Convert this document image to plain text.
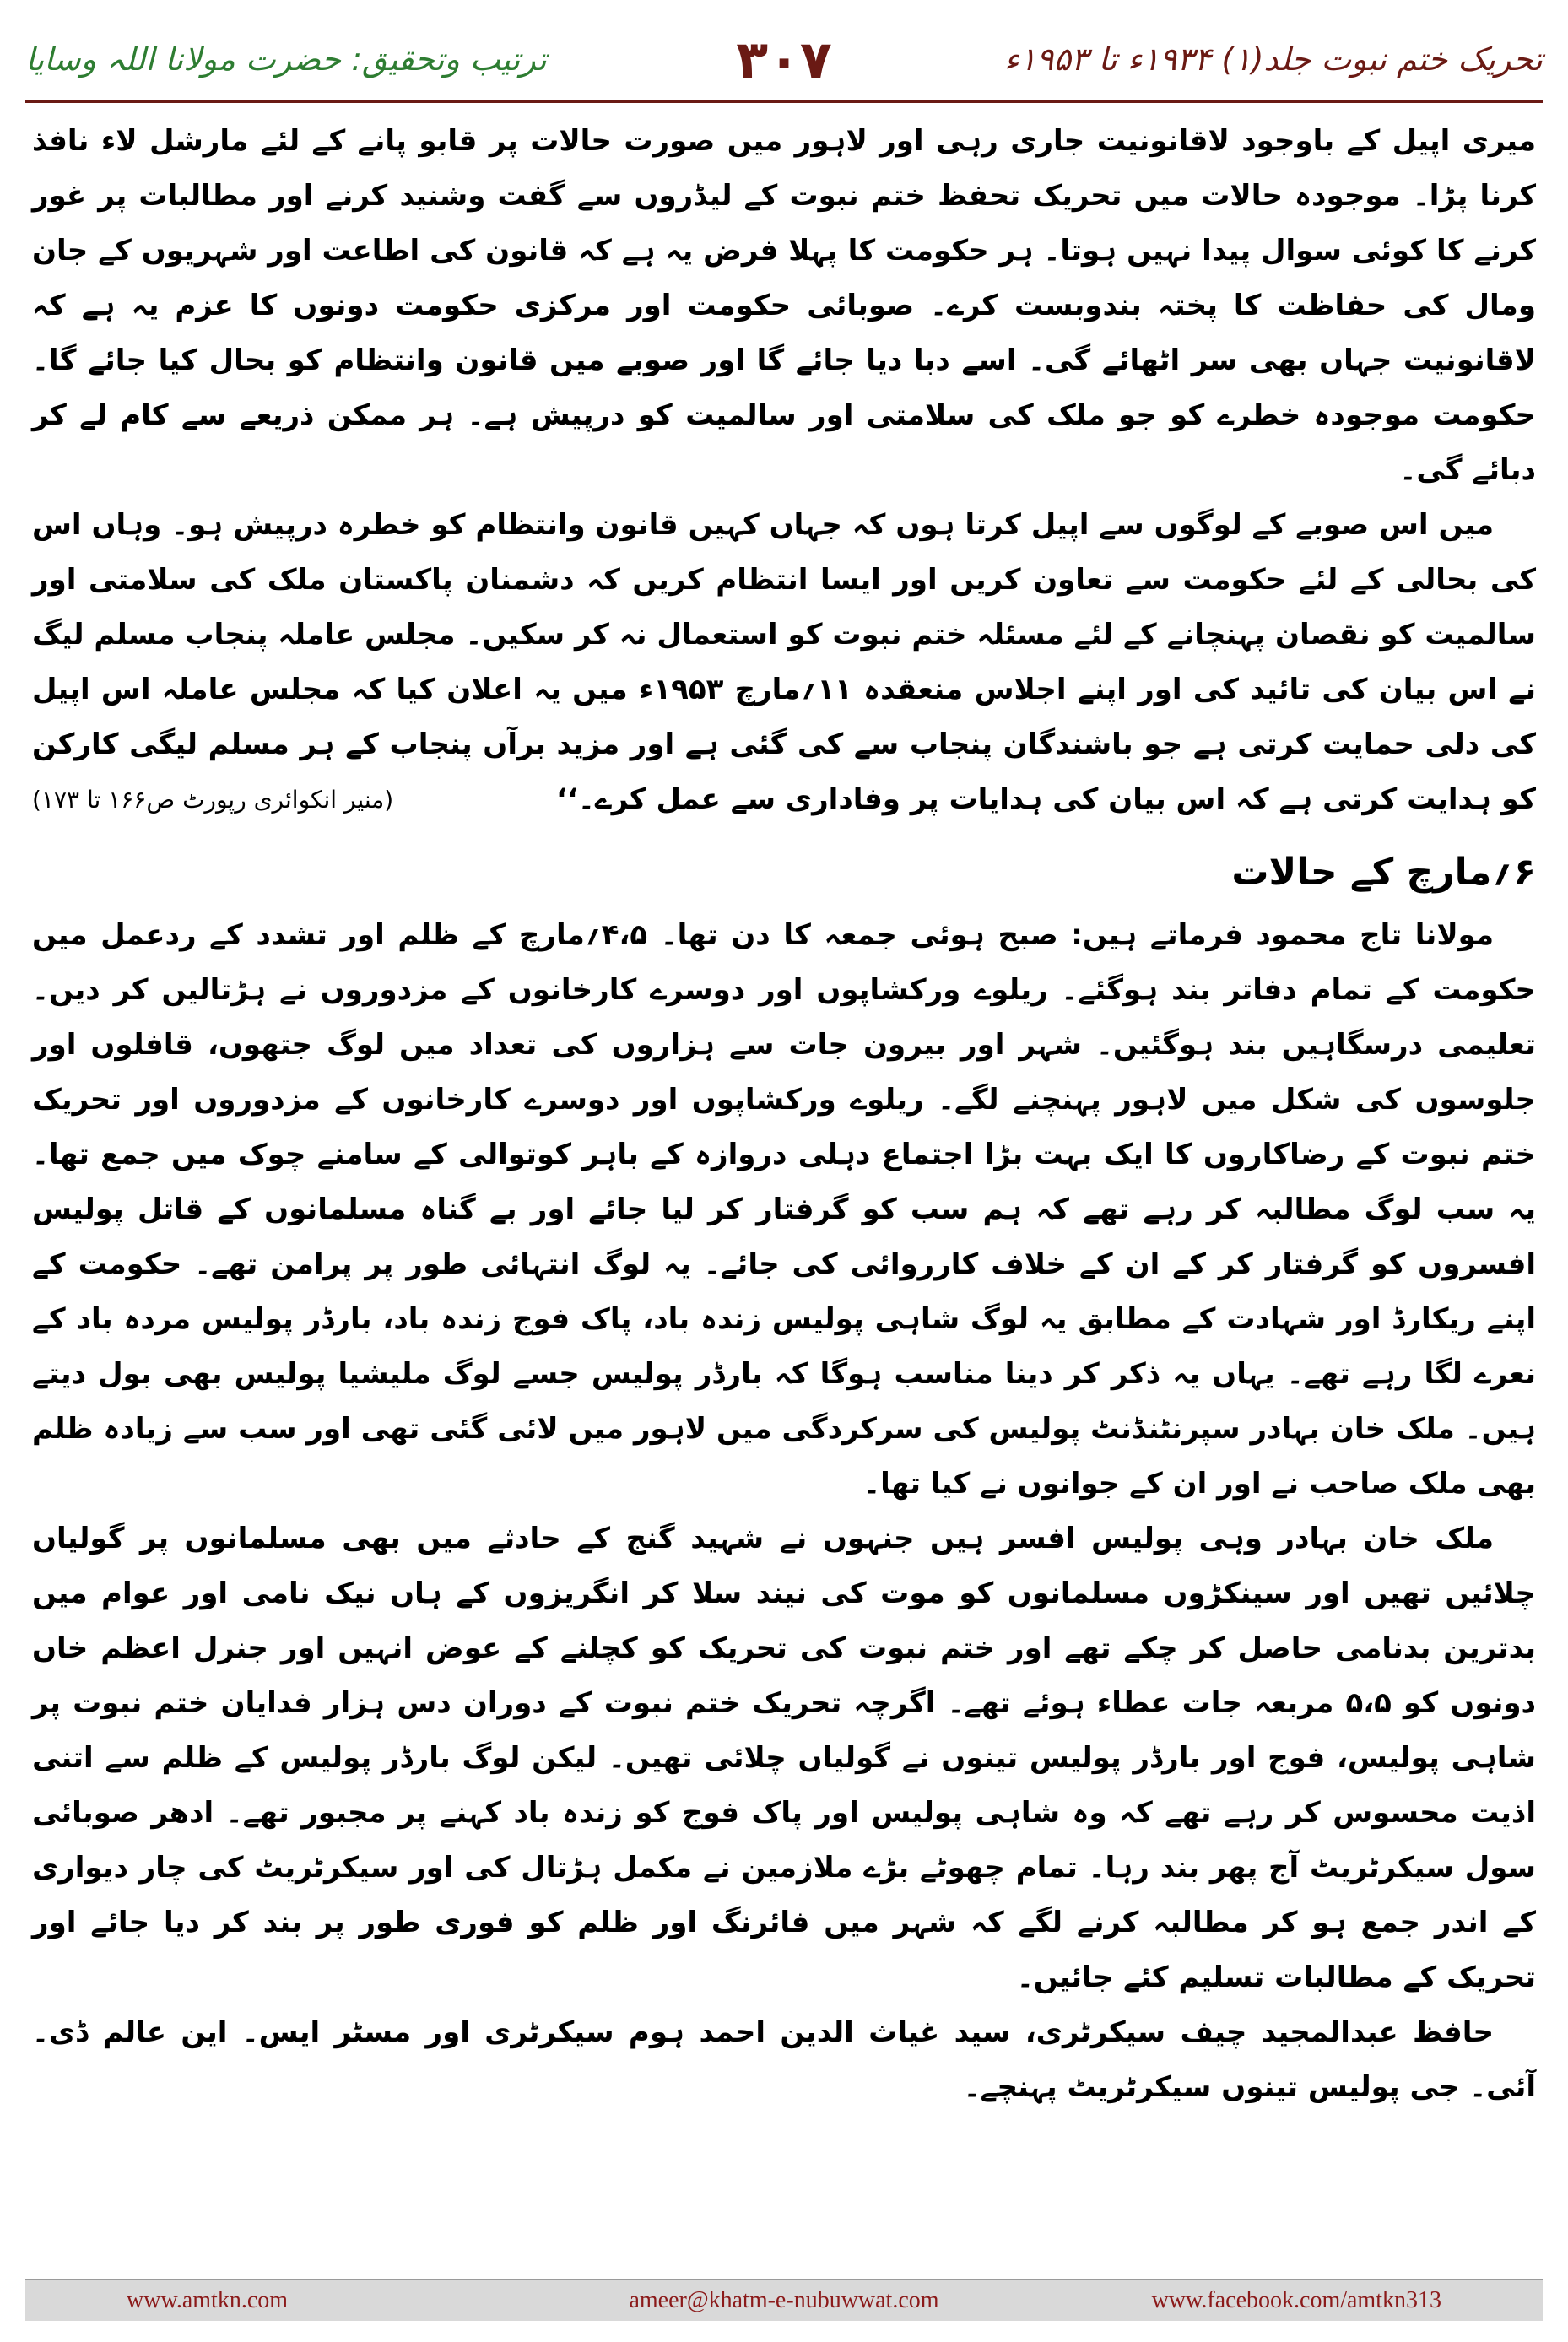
ترتیب وتحقیق: حضرت مولانا اللہ وسایا	۳۰۷	تحریک ختم نبوت جلد(۱) ۱۹۳۴ء تا ۱۹۵۳ء

میری اپیل کے باوجود لاقانونیت جاری رہی اور لاہور میں صورت حالات پر قابو پانے کے لئے مارشل لاء نافذ کرنا پڑا۔ موجودہ حالات میں تحریک تحفظ ختم نبوت کے لیڈروں سے گفت وشنید کرنے اور مطالبات پر غور کرنے کا کوئی سوال پیدا نہیں ہوتا۔ ہر حکومت کا پہلا فرض یہ ہے کہ قانون کی اطاعت اور شہریوں کے جان ومال کی حفاظت کا پختہ بندوبست کرے۔ صوبائی حکومت اور مرکزی حکومت دونوں کا عزم یہ ہے کہ لاقانونیت جہاں بھی سر اٹھائے گی۔ اسے دبا دیا جائے گا اور صوبے میں قانون وانتظام کو بحال کیا جائے گا۔ حکومت موجودہ خطرے کو جو ملک کی سلامتی اور سالمیت کو درپیش ہے۔ ہر ممکن ذریعے سے کام لے کر دبائے گی۔

میں اس صوبے کے لوگوں سے اپیل کرتا ہوں کہ جہاں کہیں قانون وانتظام کو خطرہ درپیش ہو۔ وہاں اس کی بحالی کے لئے حکومت سے تعاون کریں اور ایسا انتظام کریں کہ دشمنان پاکستان ملک کی سلامتی اور سالمیت کو نقصان پہنچانے کے لئے مسئلہ ختم نبوت کو استعمال نہ کر سکیں۔ مجلس عاملہ پنجاب مسلم لیگ نے اس بیان کی تائید کی اور اپنے اجلاس منعقدہ ۱۱؍مارچ ۱۹۵۳ء میں یہ اعلان کیا کہ مجلس عاملہ اس اپیل کی دلی حمایت کرتی ہے جو باشندگان پنجاب سے کی گئی ہے اور مزید برآں پنجاب کے ہر مسلم لیگی کارکن کو ہدایت کرتی ہے کہ اس بیان کی ہدایات پر وفاداری سے عمل کرے۔‘‘
(منیر انکوائری رپورٹ ص۱۶۶ تا ۱۷۳)

۶؍مارچ کے حالات

مولانا تاج محمود فرماتے ہیں: صبح ہوئی جمعہ کا دن تھا۔ ۴،۵؍مارچ کے ظلم اور تشدد کے ردعمل میں حکومت کے تمام دفاتر بند ہوگئے۔ ریلوے ورکشاپوں اور دوسرے کارخانوں کے مزدوروں نے ہڑتالیں کر دیں۔ تعلیمی درسگاہیں بند ہوگئیں۔ شہر اور بیرون جات سے ہزاروں کی تعداد میں لوگ جتھوں، قافلوں اور جلوسوں کی شکل میں لاہور پہنچنے لگے۔ ریلوے ورکشاپوں اور دوسرے کارخانوں کے مزدوروں اور تحریک ختم نبوت کے رضاکاروں کا ایک بہت بڑا اجتماع دہلی دروازہ کے باہر کوتوالی کے سامنے چوک میں جمع تھا۔ یہ سب لوگ مطالبہ کر رہے تھے کہ ہم سب کو گرفتار کر لیا جائے اور بے گناہ مسلمانوں کے قاتل پولیس افسروں کو گرفتار کر کے ان کے خلاف کارروائی کی جائے۔ یہ لوگ انتہائی طور پر پرامن تھے۔ حکومت کے اپنے ریکارڈ اور شہادت کے مطابق یہ لوگ شاہی پولیس زندہ باد، پاک فوج زندہ باد، بارڈر پولیس مردہ باد کے نعرے لگا رہے تھے۔ یہاں یہ ذکر کر دینا مناسب ہوگا کہ بارڈر پولیس جسے لوگ ملیشیا پولیس بھی بول دیتے ہیں۔ ملک خان بہادر سپرنٹنڈنٹ پولیس کی سرکردگی میں لاہور میں لائی گئی تھی اور سب سے زیادہ ظلم بھی ملک صاحب نے اور ان کے جوانوں نے کیا تھا۔

ملک خان بہادر وہی پولیس افسر ہیں جنہوں نے شہید گنج کے حادثے میں بھی مسلمانوں پر گولیاں چلائیں تھیں اور سینکڑوں مسلمانوں کو موت کی نیند سلا کر انگریزوں کے ہاں نیک نامی اور عوام میں بدترین بدنامی حاصل کر چکے تھے اور ختم نبوت کی تحریک کو کچلنے کے عوض انہیں اور جنرل اعظم خاں دونوں کو ۵،۵ مربعہ جات عطاء ہوئے تھے۔ اگرچہ تحریک ختم نبوت کے دوران دس ہزار فدایان ختم نبوت پر شاہی پولیس، فوج اور بارڈر پولیس تینوں نے گولیاں چلائی تھیں۔ لیکن لوگ بارڈر پولیس کے ظلم سے اتنی اذیت محسوس کر رہے تھے کہ وہ شاہی پولیس اور پاک فوج کو زندہ باد کہنے پر مجبور تھے۔ ادھر صوبائی سول سیکرٹریٹ آج پھر بند رہا۔ تمام چھوٹے بڑے ملازمین نے مکمل ہڑتال کی اور سیکرٹریٹ کی چار دیواری کے اندر جمع ہو کر مطالبہ کرنے لگے کہ شہر میں فائرنگ اور ظلم کو فوری طور پر بند کر دیا جائے اور تحریک کے مطالبات تسلیم کئے جائیں۔

حافظ عبدالمجید چیف سیکرٹری، سید غیاث الدین احمد ہوم سیکرٹری اور مسٹر ایس۔ این عالم ڈی۔ آئی۔ جی پولیس تینوں سیکرٹریٹ پہنچے۔

www.amtkn.com	ameer@khatm-e-nubuwwat.com	www.facebook.com/amtkn313
